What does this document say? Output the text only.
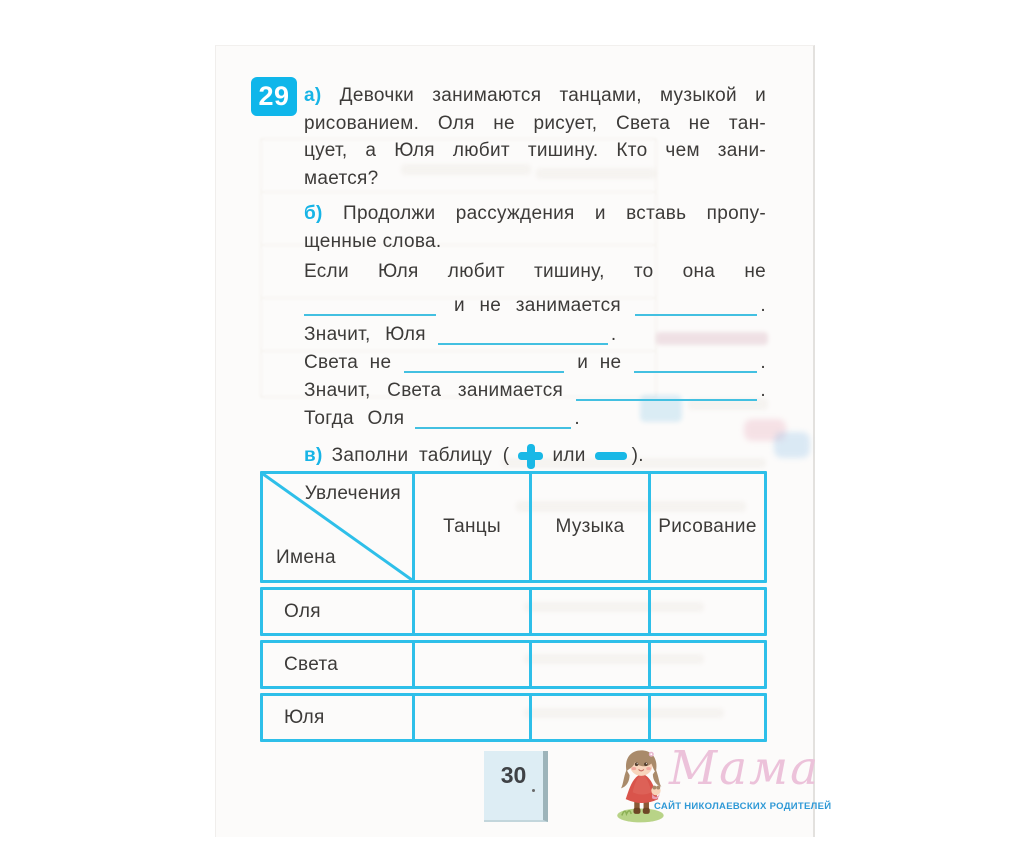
29 а) Девочки занимаются танцами, музыкой и
рисованием. Оля не рисует, Света не тан-
цует, а Юля любит тишину. Кто чем зани-
мается?
б) Продолжи рассуждения и вставь пропу-
щенные слова.
Если Юля любит тишину, то она не
и не занимается	.
Значит, Юля	.
Света не	и не	.
Значит, Света занимается	.
Тогда Оля	.
в) Заполни таблицу ( или ).
Увлечения
Имена
Танцы	Музыка	Рисование
Оля
Света
Юля
30	Мама
САЙТ НИКОЛАЕВСКИХ РОДИТЕЛЕЙ
